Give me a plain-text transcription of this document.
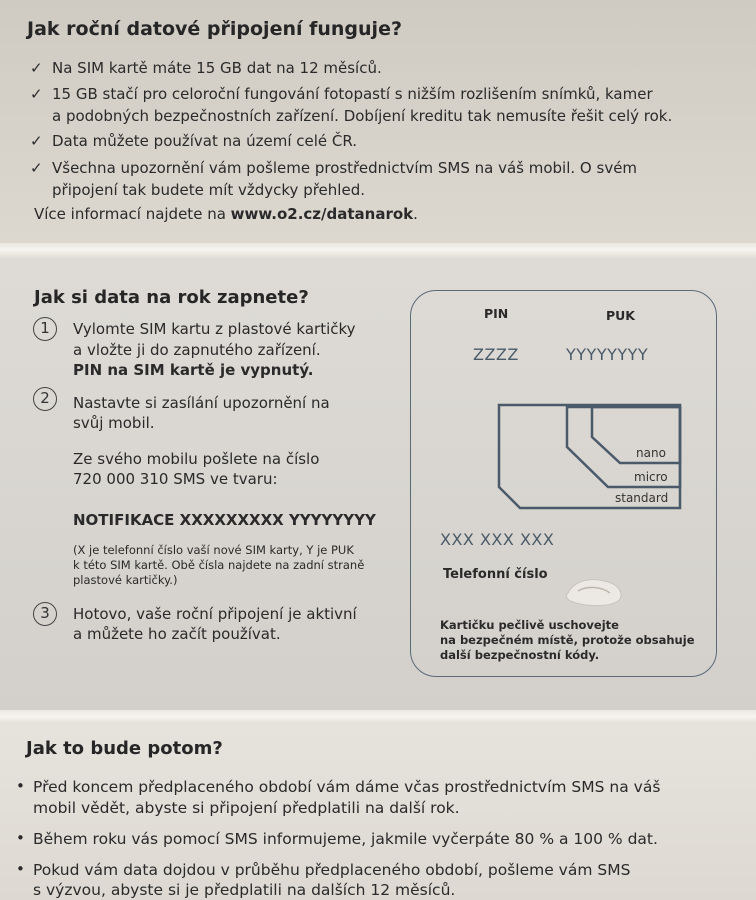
Jak roční datové připojení funguje?
✓ Na SIM kartě máte 15 GB dat na 12 měsíců.
✓ 15 GB stačí pro celoroční fungování fotopastí s nižším rozlišením snímků, kamer
a podobných bezpečnostních zařízení. Dobíjení kreditu tak nemusíte řešit celý rok.
✓ Data můžete používat na území celé ČR.
✓ Všechna upozornění vám pošleme prostřednictvím SMS na váš mobil. O svém
připojení tak budete mít vždycky přehled.
Více informací najdete na www.o2.cz/datanarok.
Jak si data na rok zapnete?
1	Vylomte SIM kartu z plastové kartičky
a vložte ji do zapnutého zařízení.
PIN na SIM kartě je vypnutý.
2	Nastavte si zasílání upozornění na
svůj mobil.
Ze svého mobilu pošlete na číslo
720 000 310 SMS ve tvaru:
NOTIFIKACE XXXXXXXXX YYYYYYYY
(X je telefonní číslo vaší nové SIM karty, Y je PUK
k této SIM kartě. Obě čísla najdete na zadní straně
plastové kartičky.)
3	Hotovo, vaše roční připojení je aktivní
a můžete ho začít používat.
PIN	PUK
ZZZZ	YYYYYYYY
nano
micro
standard
XXX XXX XXX
Telefonní číslo
Kartičku pečlivě uschovejte
na bezpečném místě, protože obsahuje
další bezpečnostní kódy.
Jak to bude potom?
• Před koncem předplaceného období vám dáme včas prostřednictvím SMS na váš
mobil vědět, abyste si připojení předplatili na další rok.
• Během roku vás pomocí SMS informujeme, jakmile vyčerpáte 80 % a 100 % dat.
• Pokud vám data dojdou v průběhu předplaceného období, pošleme vám SMS
s výzvou, abyste si je předplatili na dalších 12 měsíců.
